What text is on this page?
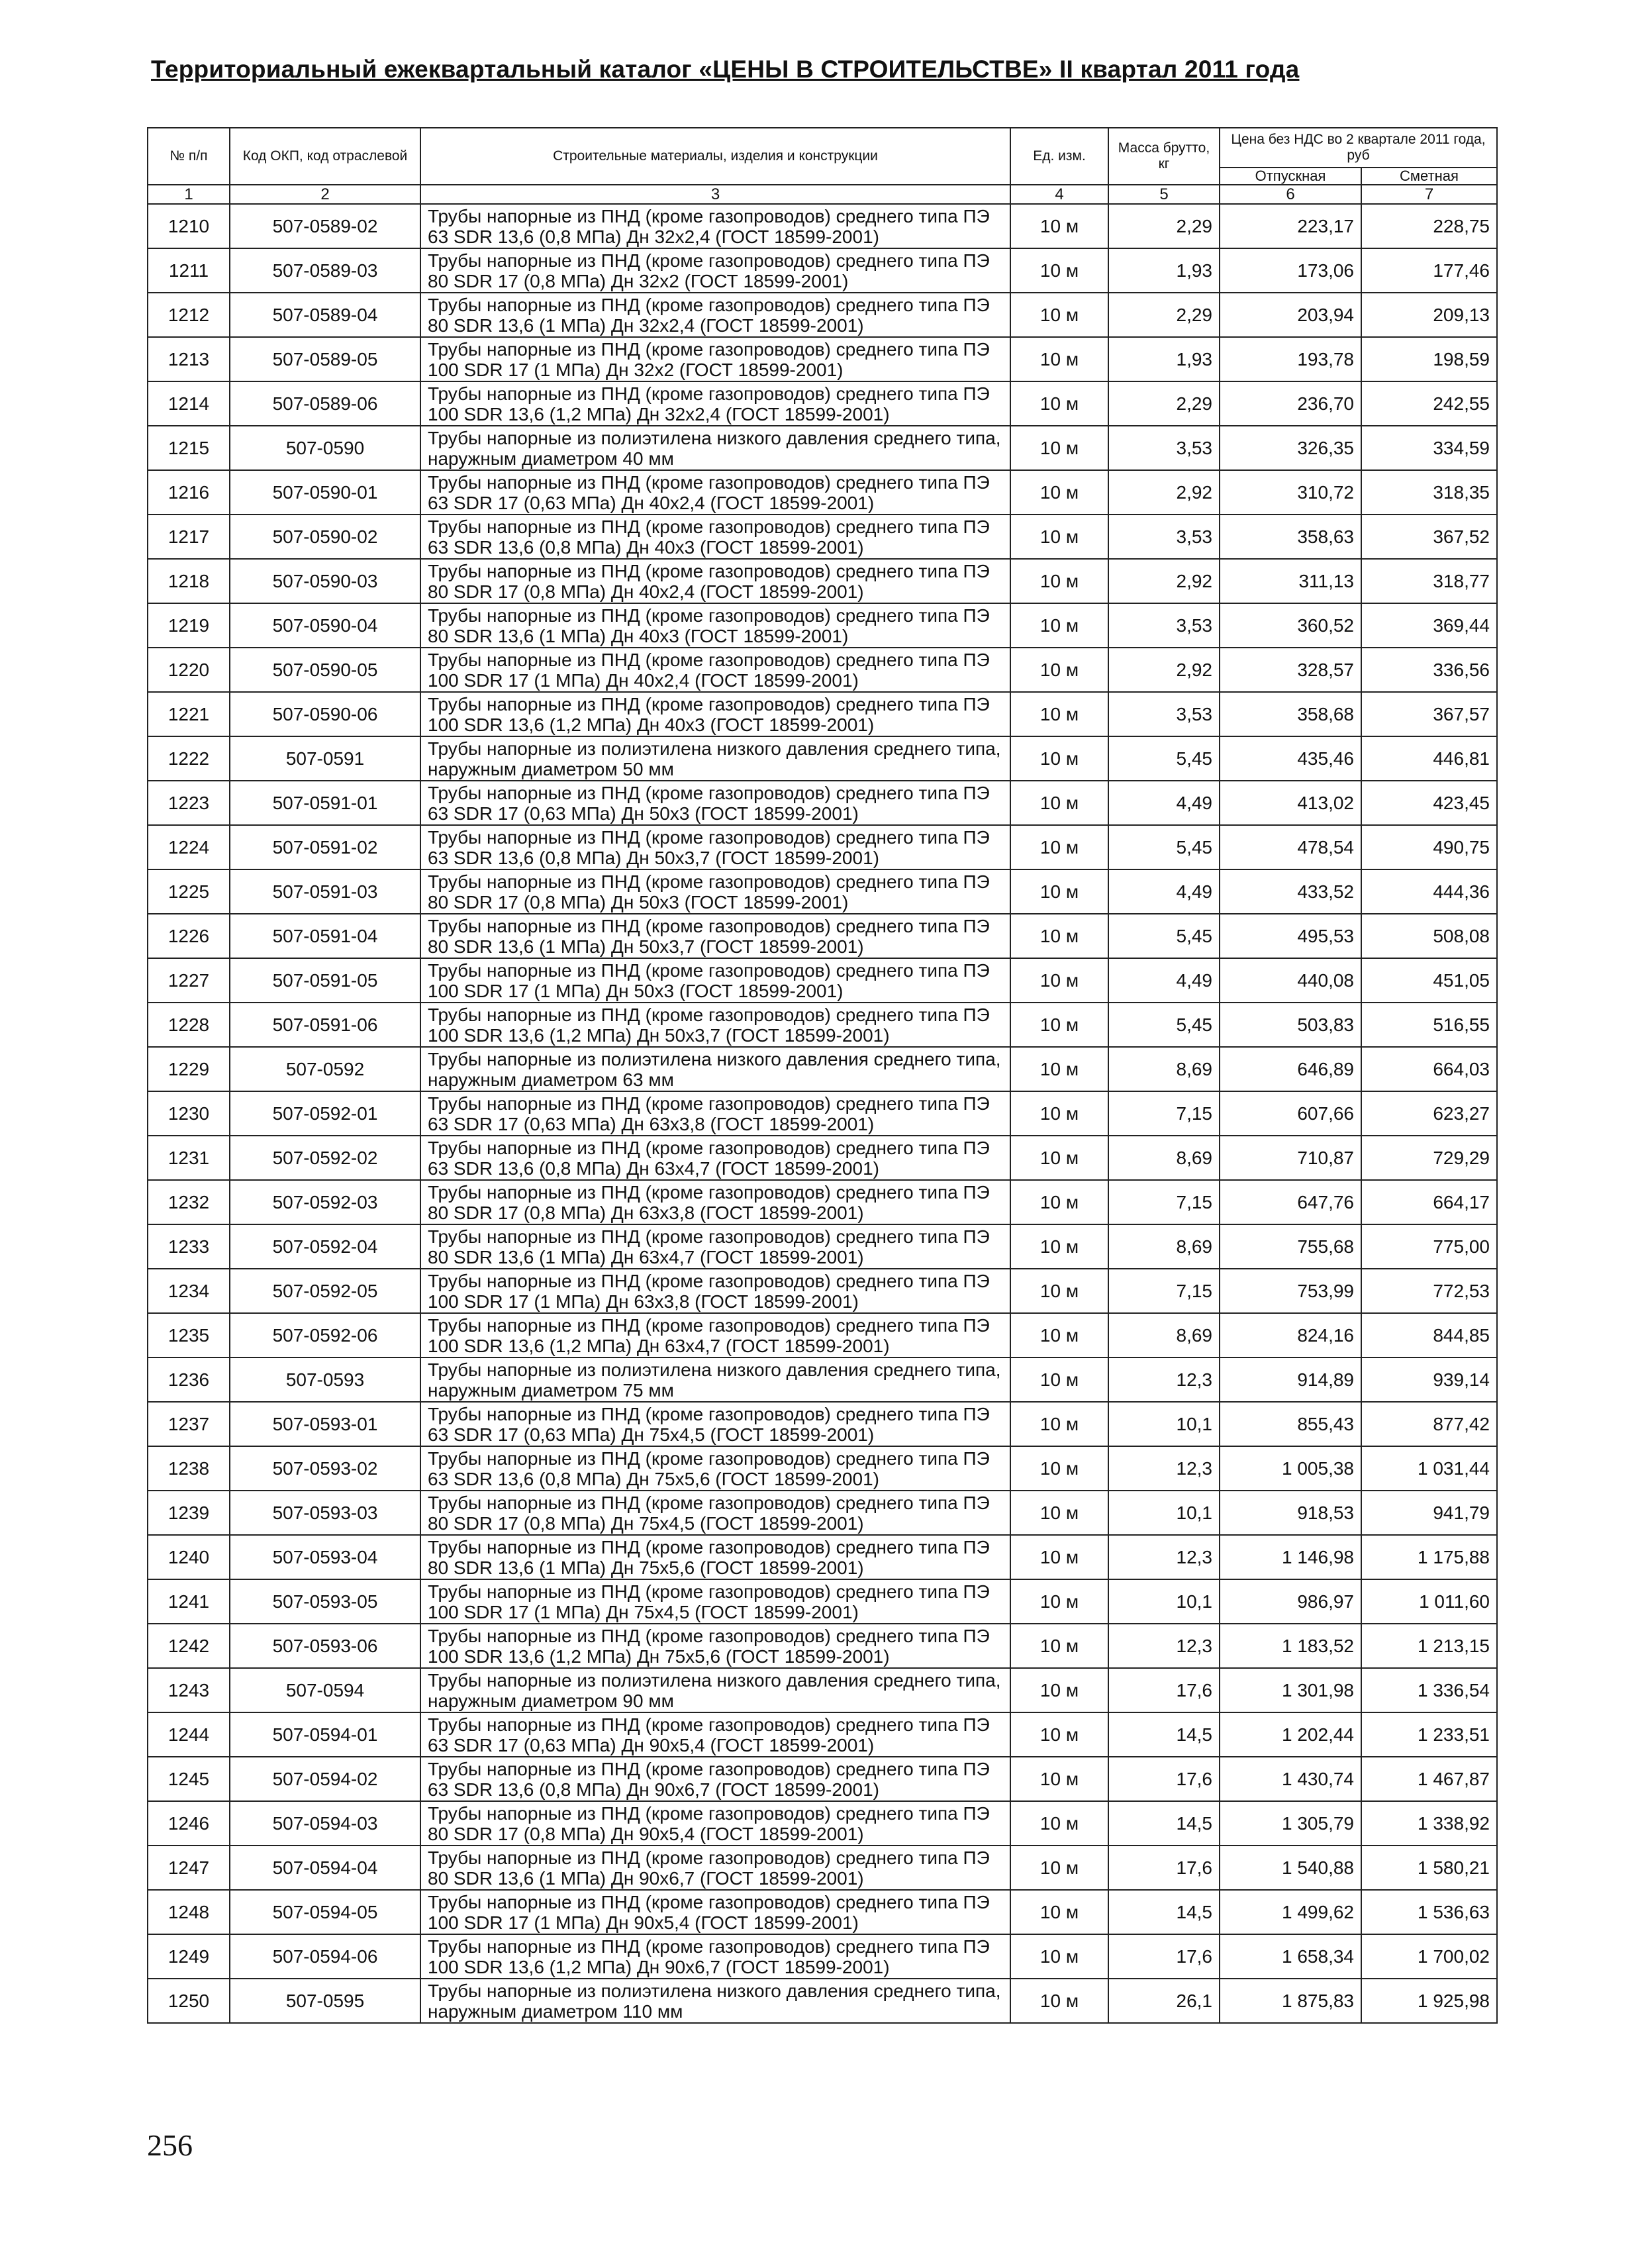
Территориальный ежеквартальный каталог «ЦЕНЫ В СТРОИТЕЛЬСТВЕ» II квартал 2011 года
№ п/п	Код ОКП, код отраслевой	Строительные материалы, изделия и конструкции	Ед. изм.	Масса брутто, кг	Цена без НДС во 2 квартале 2011 года, руб	
					Отпускная	Сметная
1	2	3	4	5	6	7
1210	507-0589-02	Трубы напорные из ПНД (кроме газопроводов) среднего типа ПЭ 63 SDR 13,6 (0,8 МПа) Дн 32х2,4 (ГОСТ 18599-2001)	10 м	2,29	223,17	228,75
1211	507-0589-03	Трубы напорные из ПНД (кроме газопроводов) среднего типа ПЭ 80 SDR 17 (0,8 МПа) Дн 32х2 (ГОСТ 18599-2001)	10 м	1,93	173,06	177,46
1212	507-0589-04	Трубы напорные из ПНД (кроме газопроводов) среднего типа ПЭ 80 SDR 13,6 (1 МПа) Дн 32х2,4 (ГОСТ 18599-2001)	10 м	2,29	203,94	209,13
1213	507-0589-05	Трубы напорные из ПНД (кроме газопроводов) среднего типа ПЭ 100 SDR 17 (1 МПа) Дн 32х2 (ГОСТ 18599-2001)	10 м	1,93	193,78	198,59
1214	507-0589-06	Трубы напорные из ПНД (кроме газопроводов) среднего типа ПЭ 100 SDR 13,6 (1,2 МПа) Дн 32х2,4 (ГОСТ 18599-2001)	10 м	2,29	236,70	242,55
1215	507-0590	Трубы напорные из полиэтилена низкого давления среднего типа, наружным диаметром 40 мм	10 м	3,53	326,35	334,59
1216	507-0590-01	Трубы напорные из ПНД (кроме газопроводов) среднего типа ПЭ 63 SDR 17 (0,63 МПа) Дн 40х2,4 (ГОСТ 18599-2001)	10 м	2,92	310,72	318,35
1217	507-0590-02	Трубы напорные из ПНД (кроме газопроводов) среднего типа ПЭ 63 SDR 13,6 (0,8 МПа) Дн 40х3 (ГОСТ 18599-2001)	10 м	3,53	358,63	367,52
1218	507-0590-03	Трубы напорные из ПНД (кроме газопроводов) среднего типа ПЭ 80 SDR 17 (0,8 МПа) Дн 40х2,4 (ГОСТ 18599-2001)	10 м	2,92	311,13	318,77
1219	507-0590-04	Трубы напорные из ПНД (кроме газопроводов) среднего типа ПЭ 80 SDR 13,6 (1 МПа) Дн 40х3 (ГОСТ 18599-2001)	10 м	3,53	360,52	369,44
1220	507-0590-05	Трубы напорные из ПНД (кроме газопроводов) среднего типа ПЭ 100 SDR 17 (1 МПа) Дн 40х2,4 (ГОСТ 18599-2001)	10 м	2,92	328,57	336,56
1221	507-0590-06	Трубы напорные из ПНД (кроме газопроводов) среднего типа ПЭ 100 SDR 13,6 (1,2 МПа) Дн 40х3 (ГОСТ 18599-2001)	10 м	3,53	358,68	367,57
1222	507-0591	Трубы напорные из полиэтилена низкого давления среднего типа, наружным диаметром 50 мм	10 м	5,45	435,46	446,81
1223	507-0591-01	Трубы напорные из ПНД (кроме газопроводов) среднего типа ПЭ 63 SDR 17 (0,63 МПа) Дн 50х3 (ГОСТ 18599-2001)	10 м	4,49	413,02	423,45
1224	507-0591-02	Трубы напорные из ПНД (кроме газопроводов) среднего типа ПЭ 63 SDR 13,6 (0,8 МПа) Дн 50х3,7 (ГОСТ 18599-2001)	10 м	5,45	478,54	490,75
1225	507-0591-03	Трубы напорные из ПНД (кроме газопроводов) среднего типа ПЭ 80 SDR 17 (0,8 МПа) Дн 50х3 (ГОСТ 18599-2001)	10 м	4,49	433,52	444,36
1226	507-0591-04	Трубы напорные из ПНД (кроме газопроводов) среднего типа ПЭ 80 SDR 13,6 (1 МПа) Дн 50х3,7 (ГОСТ 18599-2001)	10 м	5,45	495,53	508,08
1227	507-0591-05	Трубы напорные из ПНД (кроме газопроводов) среднего типа ПЭ 100 SDR 17 (1 МПа) Дн 50х3 (ГОСТ 18599-2001)	10 м	4,49	440,08	451,05
1228	507-0591-06	Трубы напорные из ПНД (кроме газопроводов) среднего типа ПЭ 100 SDR 13,6 (1,2 МПа) Дн 50х3,7 (ГОСТ 18599-2001)	10 м	5,45	503,83	516,55
1229	507-0592	Трубы напорные из полиэтилена низкого давления среднего типа, наружным диаметром 63 мм	10 м	8,69	646,89	664,03
1230	507-0592-01	Трубы напорные из ПНД (кроме газопроводов) среднего типа ПЭ 63 SDR 17 (0,63 МПа) Дн 63х3,8 (ГОСТ 18599-2001)	10 м	7,15	607,66	623,27
1231	507-0592-02	Трубы напорные из ПНД (кроме газопроводов) среднего типа ПЭ 63 SDR 13,6 (0,8 МПа) Дн 63х4,7 (ГОСТ 18599-2001)	10 м	8,69	710,87	729,29
1232	507-0592-03	Трубы напорные из ПНД (кроме газопроводов) среднего типа ПЭ 80 SDR 17 (0,8 МПа) Дн 63х3,8 (ГОСТ 18599-2001)	10 м	7,15	647,76	664,17
1233	507-0592-04	Трубы напорные из ПНД (кроме газопроводов) среднего типа ПЭ 80 SDR 13,6 (1 МПа) Дн 63х4,7 (ГОСТ 18599-2001)	10 м	8,69	755,68	775,00
1234	507-0592-05	Трубы напорные из ПНД (кроме газопроводов) среднего типа ПЭ 100 SDR 17 (1 МПа) Дн 63х3,8 (ГОСТ 18599-2001)	10 м	7,15	753,99	772,53
1235	507-0592-06	Трубы напорные из ПНД (кроме газопроводов) среднего типа ПЭ 100 SDR 13,6 (1,2 МПа) Дн 63х4,7 (ГОСТ 18599-2001)	10 м	8,69	824,16	844,85
1236	507-0593	Трубы напорные из полиэтилена низкого давления среднего типа, наружным диаметром 75 мм	10 м	12,3	914,89	939,14
1237	507-0593-01	Трубы напорные из ПНД (кроме газопроводов) среднего типа ПЭ 63 SDR 17 (0,63 МПа) Дн 75х4,5 (ГОСТ 18599-2001)	10 м	10,1	855,43	877,42
1238	507-0593-02	Трубы напорные из ПНД (кроме газопроводов) среднего типа ПЭ 63 SDR 13,6 (0,8 МПа) Дн 75х5,6 (ГОСТ 18599-2001)	10 м	12,3	1 005,38	1 031,44
1239	507-0593-03	Трубы напорные из ПНД (кроме газопроводов) среднего типа ПЭ 80 SDR 17 (0,8 МПа) Дн 75х4,5 (ГОСТ 18599-2001)	10 м	10,1	918,53	941,79
1240	507-0593-04	Трубы напорные из ПНД (кроме газопроводов) среднего типа ПЭ 80 SDR 13,6 (1 МПа) Дн 75х5,6 (ГОСТ 18599-2001)	10 м	12,3	1 146,98	1 175,88
1241	507-0593-05	Трубы напорные из ПНД (кроме газопроводов) среднего типа ПЭ 100 SDR 17 (1 МПа) Дн 75х4,5 (ГОСТ 18599-2001)	10 м	10,1	986,97	1 011,60
1242	507-0593-06	Трубы напорные из ПНД (кроме газопроводов) среднего типа ПЭ 100 SDR 13,6 (1,2 МПа) Дн 75х5,6 (ГОСТ 18599-2001)	10 м	12,3	1 183,52	1 213,15
1243	507-0594	Трубы напорные из полиэтилена низкого давления среднего типа, наружным диаметром 90 мм	10 м	17,6	1 301,98	1 336,54
1244	507-0594-01	Трубы напорные из ПНД (кроме газопроводов) среднего типа ПЭ 63 SDR 17 (0,63 МПа) Дн 90х5,4 (ГОСТ 18599-2001)	10 м	14,5	1 202,44	1 233,51
1245	507-0594-02	Трубы напорные из ПНД (кроме газопроводов) среднего типа ПЭ 63 SDR 13,6 (0,8 МПа) Дн 90х6,7 (ГОСТ 18599-2001)	10 м	17,6	1 430,74	1 467,87
1246	507-0594-03	Трубы напорные из ПНД (кроме газопроводов) среднего типа ПЭ 80 SDR 17 (0,8 МПа) Дн 90х5,4 (ГОСТ 18599-2001)	10 м	14,5	1 305,79	1 338,92
1247	507-0594-04	Трубы напорные из ПНД (кроме газопроводов) среднего типа ПЭ 80 SDR 13,6 (1 МПа) Дн 90х6,7 (ГОСТ 18599-2001)	10 м	17,6	1 540,88	1 580,21
1248	507-0594-05	Трубы напорные из ПНД (кроме газопроводов) среднего типа ПЭ 100 SDR 17 (1 МПа) Дн 90х5,4 (ГОСТ 18599-2001)	10 м	14,5	1 499,62	1 536,63
1249	507-0594-06	Трубы напорные из ПНД (кроме газопроводов) среднего типа ПЭ 100 SDR 13,6 (1,2 МПа) Дн 90х6,7 (ГОСТ 18599-2001)	10 м	17,6	1 658,34	1 700,02
1250	507-0595	Трубы напорные из полиэтилена низкого давления среднего типа, наружным диаметром 110 мм	10 м	26,1	1 875,83	1 925,98
256
